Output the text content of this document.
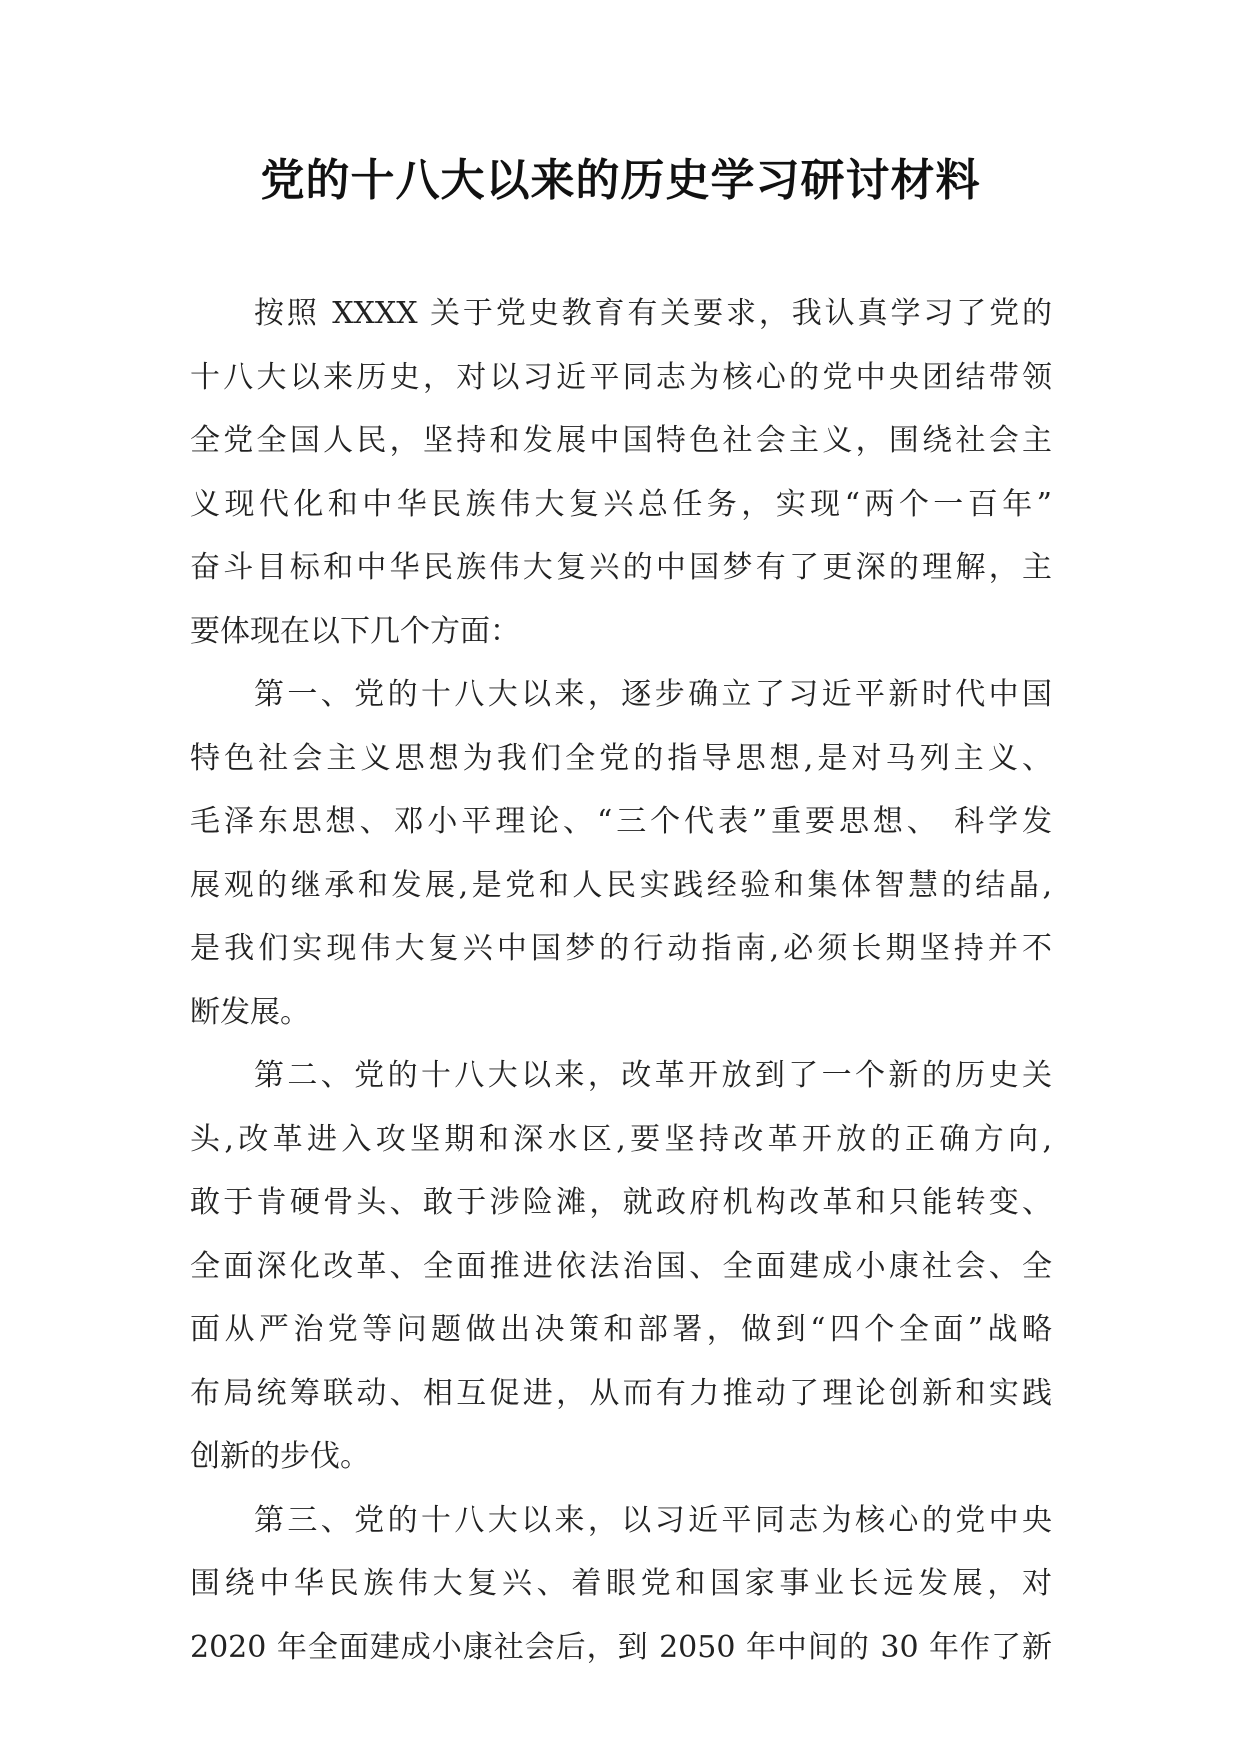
党的十八大以来的历史学习研讨材料
按照 XXXX 关于党史教育有关要求，我认真学习了党的
十八大以来历史，对以习近平同志为核心的党中央团结带领
全党全国人民，坚持和发展中国特色社会主义，围绕社会主
义现代化和中华民族伟大复兴总任务，实现“两个一百年”
奋斗目标和中华民族伟大复兴的中国梦有了更深的理解，主
要体现在以下几个方面：
第一、党的十八大以来，逐步确立了习近平新时代中国
特色社会主义思想为我们全党的指导思想,是对马列主义、
毛泽东思想、邓小平理论、“三个代表”重要思想、 科学发
展观的继承和发展,是党和人民实践经验和集体智慧的结晶,
是我们实现伟大复兴中国梦的行动指南,必须长期坚持并不
断发展。
第二、党的十八大以来，改革开放到了一个新的历史关
头,改革进入攻坚期和深水区,要坚持改革开放的正确方向,
敢于肯硬骨头、敢于涉险滩，就政府机构改革和只能转变、
全面深化改革、全面推进依法治国、全面建成小康社会、全
面从严治党等问题做出决策和部署，做到“四个全面”战略
布局统筹联动、相互促进，从而有力推动了理论创新和实践
创新的步伐。
第三、党的十八大以来，以习近平同志为核心的党中央
围绕中华民族伟大复兴、着眼党和国家事业长远发展，对
2020 年全面建成小康社会后，到 2050 年中间的 30 年作了新
